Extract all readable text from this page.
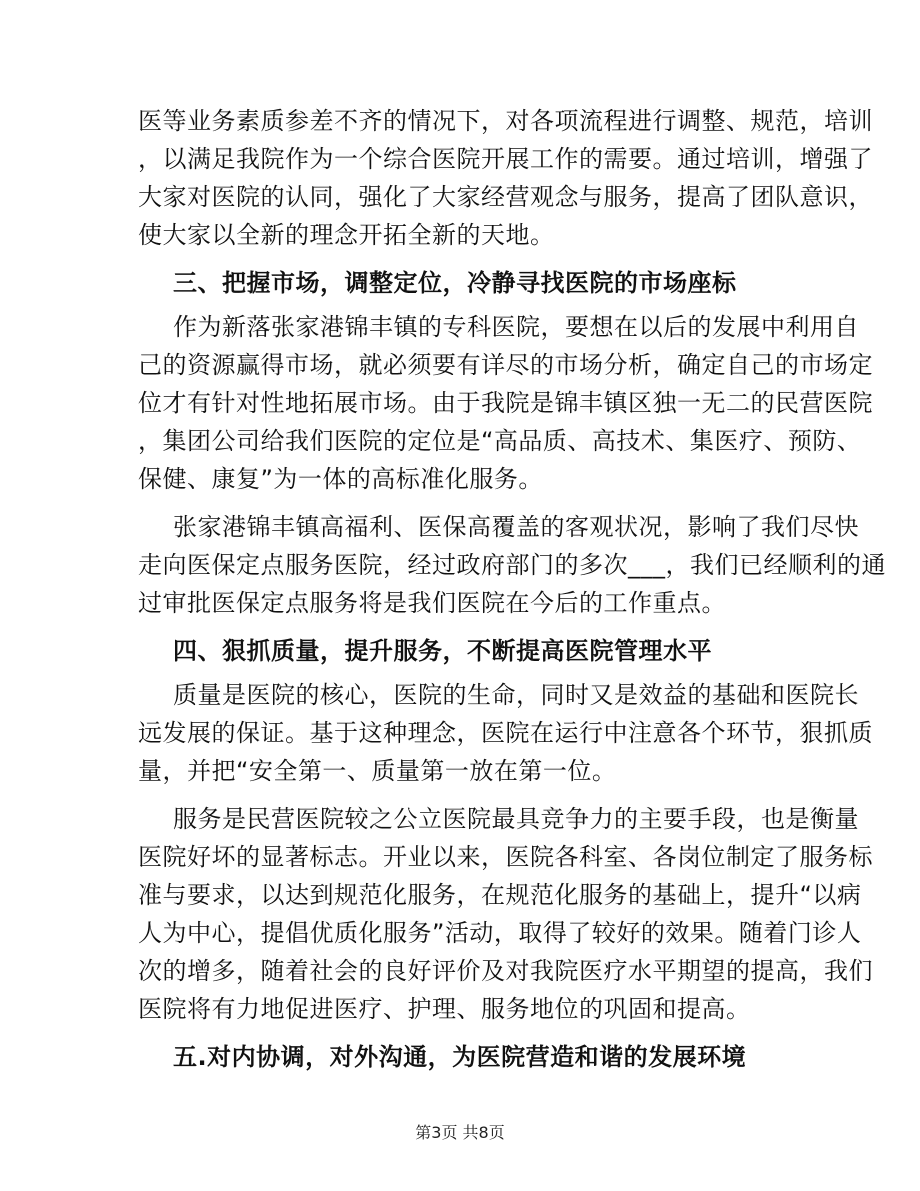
医等业务素质参差不齐的情况下，对各项流程进行调整、规范，培训
，以满足我院作为一个综合医院开展工作的需要。通过培训，增强了
大家对医院的认同，强化了大家经营观念与服务，提高了团队意识，
使大家以全新的理念开拓全新的天地。
三、把握市场，调整定位，冷静寻找医院的市场座标
作为新落张家港锦丰镇的专科医院，要想在以后的发展中利用自
己的资源赢得市场，就必须要有详尽的市场分析，确定自己的市场定
位才有针对性地拓展市场。由于我院是锦丰镇区独一无二的民营医院
，集团公司给我们医院的定位是“高品质、高技术、集医疗、预防、
保健、康复”为一体的高标准化服务。
张家港锦丰镇高福利、医保高覆盖的客观状况，影响了我们尽快
走向医保定点服务医院，经过政府部门的多次___，我们已经顺利的通
过审批医保定点服务将是我们医院在今后的工作重点。
四、狠抓质量，提升服务，不断提高医院管理水平
质量是医院的核心，医院的生命，同时又是效益的基础和医院长
远发展的保证。基于这种理念，医院在运行中注意各个环节，狠抓质
量，并把“安全第一、质量第一放在第一位。
服务是民营医院较之公立医院最具竞争力的主要手段，也是衡量
医院好坏的显著标志。开业以来，医院各科室、各岗位制定了服务标
准与要求，以达到规范化服务，在规范化服务的基础上，提升“以病
人为中心，提倡优质化服务”活动，取得了较好的效果。随着门诊人
次的增多，随着社会的良好评价及对我院医疗水平期望的提高，我们
医院将有力地促进医疗、护理、服务地位的巩固和提高。
五.对内协调，对外沟通，为医院营造和谐的发展环境
第3页 共8页
